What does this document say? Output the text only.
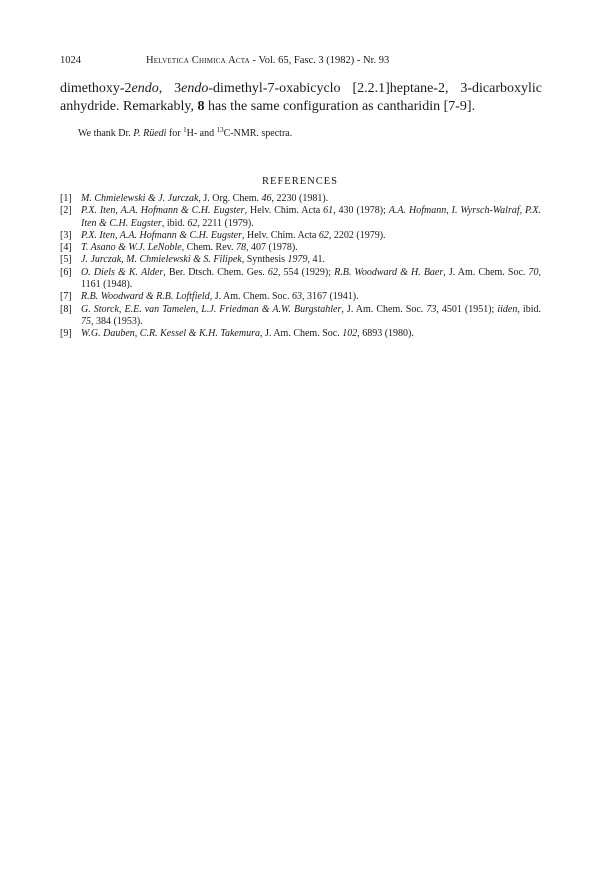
1024	Helvetica Chimica Acta - Vol. 65, Fasc. 3 (1982) - Nr. 93

dimethoxy-2endo, 3endo-dimethyl-7-oxabicyclo [2.2.1]heptane-2, 3-dicarboxylic anhydride. Remarkably, 8 has the same configuration as cantharidin [7-9].

We thank Dr. P. Rüedi for $^1$H- and $^{13}$C-NMR. spectra.
REFERENCES
[1] M. Chmielewski & J. Jurczak, J. Org. Chem. 46, 2230 (1981).
[2] P.X. Iten, A.A. Hofmann & C.H. Eugster, Helv. Chim. Acta 61, 430 (1978); A.A. Hofmann, I. Wyrsch-Walraf, P.X. Iten & C.H. Eugster, ibid. 62, 2211 (1979).
[3] P.X. Iten, A.A. Hofmann & C.H. Eugster, Helv. Chim. Acta 62, 2202 (1979).
[4] T. Asano & W.J. LeNoble, Chem. Rev. 78, 407 (1978).
[5] J. Jurczak, M. Chmielewski & S. Filipek, Synthesis 1979, 41.
[6] O. Diels & K. Alder, Ber. Dtsch. Chem. Ges. 62, 554 (1929); R.B. Woodward & H. Baer, J. Am. Chem. Soc. 70, 1161 (1948).
[7] R.B. Woodward & R.B. Loftfield, J. Am. Chem. Soc. 63, 3167 (1941).
[8] G. Storck, E.E. van Tamelen, L.J. Friedman & A.W. Burgstahler, J. Am. Chem. Soc. 73, 4501 (1951); iiden, ibid. 75, 384 (1953).
[9] W.G. Dauben, C.R. Kessel & K.H. Takemura, J. Am. Chem. Soc. 102, 6893 (1980).
